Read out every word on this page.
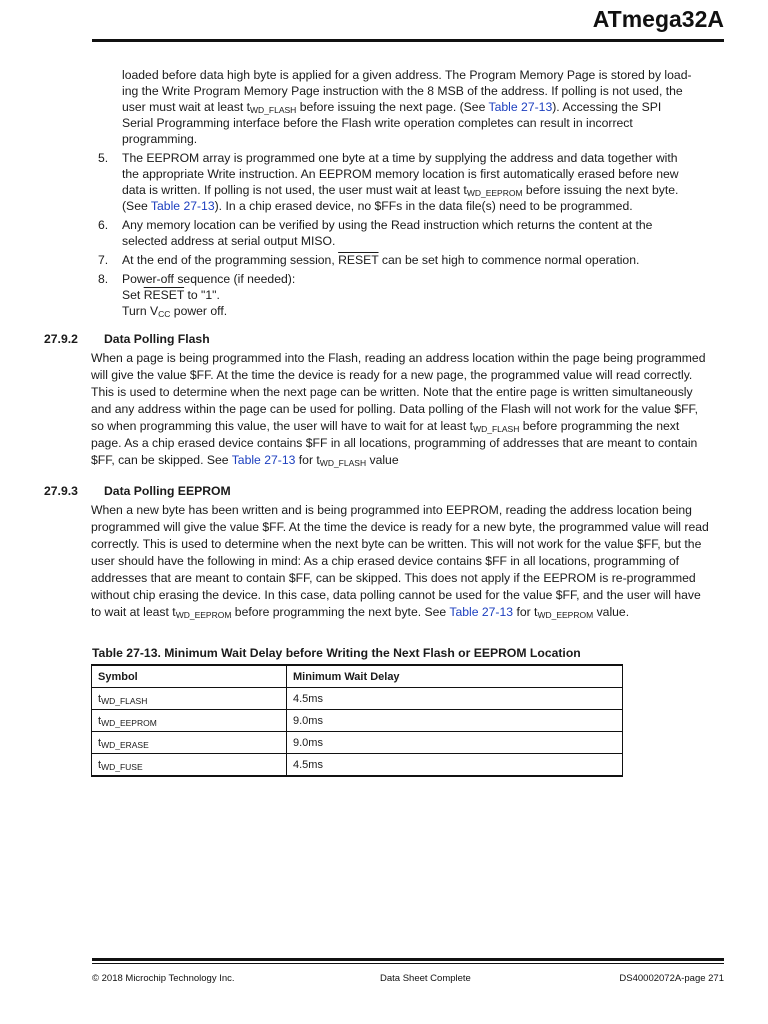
ATmega32A
loaded before data high byte is applied for a given address. The Program Memory Page is stored by load-
ing the Write Program Memory Page instruction with the 8 MSB of the address. If polling is not used, the
user must wait at least $t_{WD\_FLASH}$ before issuing the next page. (See Table 27-13). Accessing the SPI
Serial Programming interface before the Flash write operation completes can result in incorrect
programming.
5. The EEPROM array is programmed one byte at a time by supplying the address and data together with
the appropriate Write instruction. An EEPROM memory location is first automatically erased before new
data is written. If polling is not used, the user must wait at least $t_{WD\_EEPROM}$ before issuing the next byte.
(See Table 27-13). In a chip erased device, no $FFs in the data file(s) need to be programmed.
6. Any memory location can be verified by using the Read instruction which returns the content at the
selected address at serial output MISO.
7. At the end of the programming session, RESET can be set high to commence normal operation.
8. Power-off sequence (if needed):
Set RESET to "1".
Turn $V_{CC}$ power off.
27.9.2 Data Polling Flash
When a page is being programmed into the Flash, reading an address location within the page being programmed
will give the value $FF. At the time the device is ready for a new page, the programmed value will read correctly.
This is used to determine when the next page can be written. Note that the entire page is written simultaneously
and any address within the page can be used for polling. Data polling of the Flash will not work for the value $FF,
so when programming this value, the user will have to wait for at least $t_{WD\_FLASH}$ before programming the next
page. As a chip erased device contains $FF in all locations, programming of addresses that are meant to contain
$FF, can be skipped. See Table 27-13 for $t_{WD\_FLASH}$ value
27.9.3 Data Polling EEPROM
When a new byte has been written and is being programmed into EEPROM, reading the address location being
programmed will give the value $FF. At the time the device is ready for a new byte, the programmed value will read
correctly. This is used to determine when the next byte can be written. This will not work for the value $FF, but the
user should have the following in mind: As a chip erased device contains $FF in all locations, programming of
addresses that are meant to contain $FF, can be skipped. This does not apply if the EEPROM is re-programmed
without chip erasing the device. In this case, data polling cannot be used for the value $FF, and the user will have
to wait at least $t_{WD\_EEPROM}$ before programming the next byte. See Table 27-13 for $t_{WD\_EEPROM}$ value.
Table 27-13. Minimum Wait Delay before Writing the Next Flash or EEPROM Location
Symbol	Minimum Wait Delay
$t_{WD\_FLASH}$	4.5ms
$t_{WD\_EEPROM}$	9.0ms
$t_{WD\_ERASE}$	9.0ms
$t_{WD\_FUSE}$	4.5ms
© 2018 Microchip Technology Inc.	Data Sheet Complete	DS40002072A-page 271
